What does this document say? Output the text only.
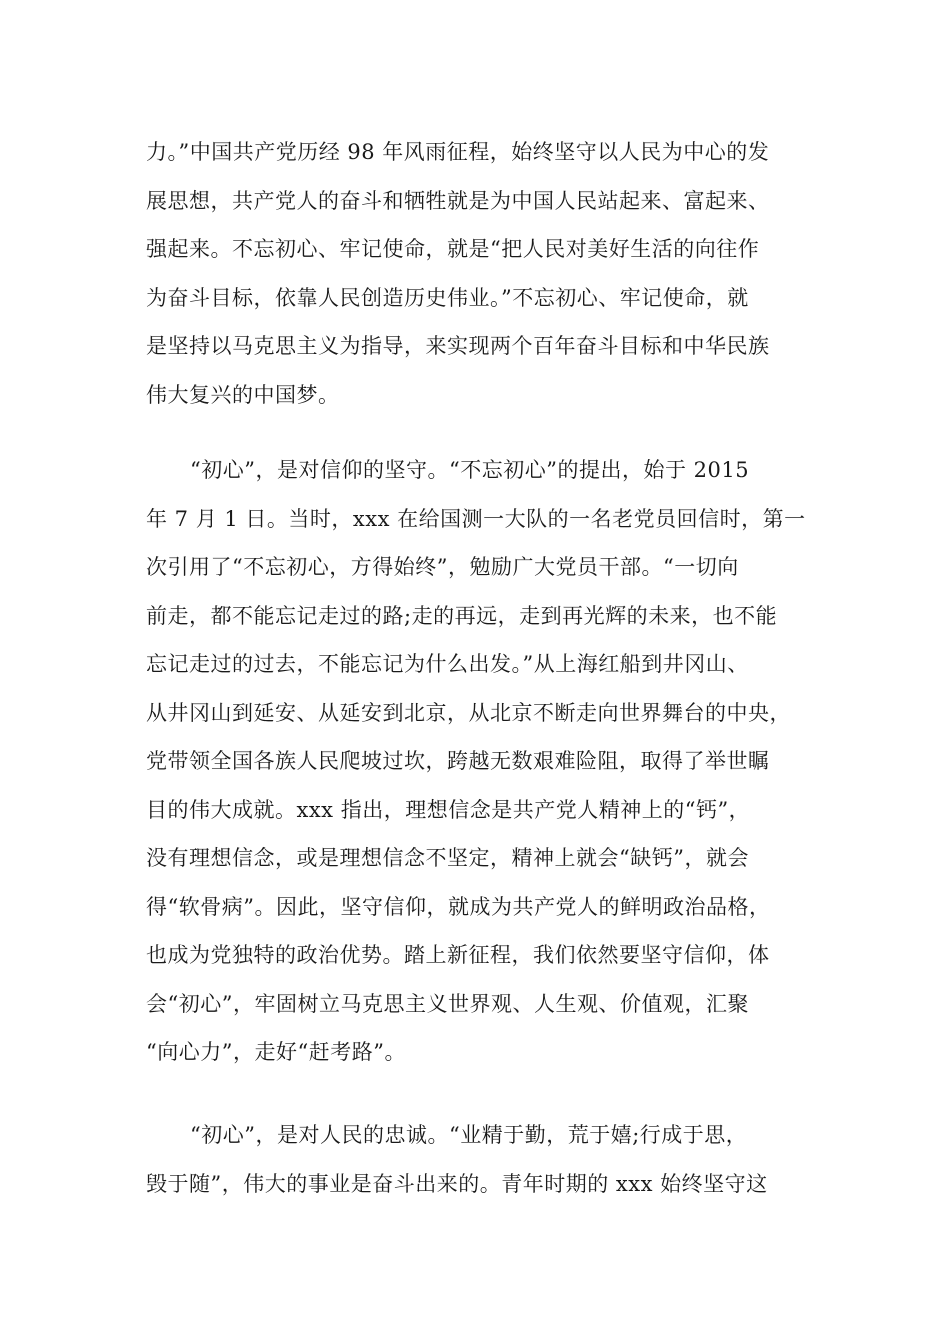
力。”中国共产党历经 98 年风雨征程，始终坚守以人民为中心的发
展思想，共产党人的奋斗和牺牲就是为中国人民站起来、富起来、
强起来。不忘初心、牢记使命，就是“把人民对美好生活的向往作
为奋斗目标，依靠人民创造历史伟业。”不忘初心、牢记使命，就
是坚持以马克思主义为指导，来实现两个百年奋斗目标和中华民族
伟大复兴的中国梦。

“初心”，是对信仰的坚守。“不忘初心”的提出，始于 2015
年 7 月 1 日。当时，xxx 在给国测一大队的一名老党员回信时，第一
次引用了“不忘初心，方得始终”，勉励广大党员干部。“一切向
前走，都不能忘记走过的路;走的再远，走到再光辉的未来，也不能
忘记走过的过去，不能忘记为什么出发。”从上海红船到井冈山、
从井冈山到延安、从延安到北京，从北京不断走向世界舞台的中央，
党带领全国各族人民爬坡过坎，跨越无数艰难险阻，取得了举世瞩
目的伟大成就。xxx 指出，理想信念是共产党人精神上的“钙”，
没有理想信念，或是理想信念不坚定，精神上就会“缺钙”，就会
得“软骨病”。因此，坚守信仰，就成为共产党人的鲜明政治品格，
也成为党独特的政治优势。踏上新征程，我们依然要坚守信仰，体
会“初心”，牢固树立马克思主义世界观、人生观、价值观，汇聚
“向心力”，走好“赶考路”。

“初心”，是对人民的忠诚。“业精于勤，荒于嬉;行成于思，
毁于随”，伟大的事业是奋斗出来的。青年时期的 xxx 始终坚守这
